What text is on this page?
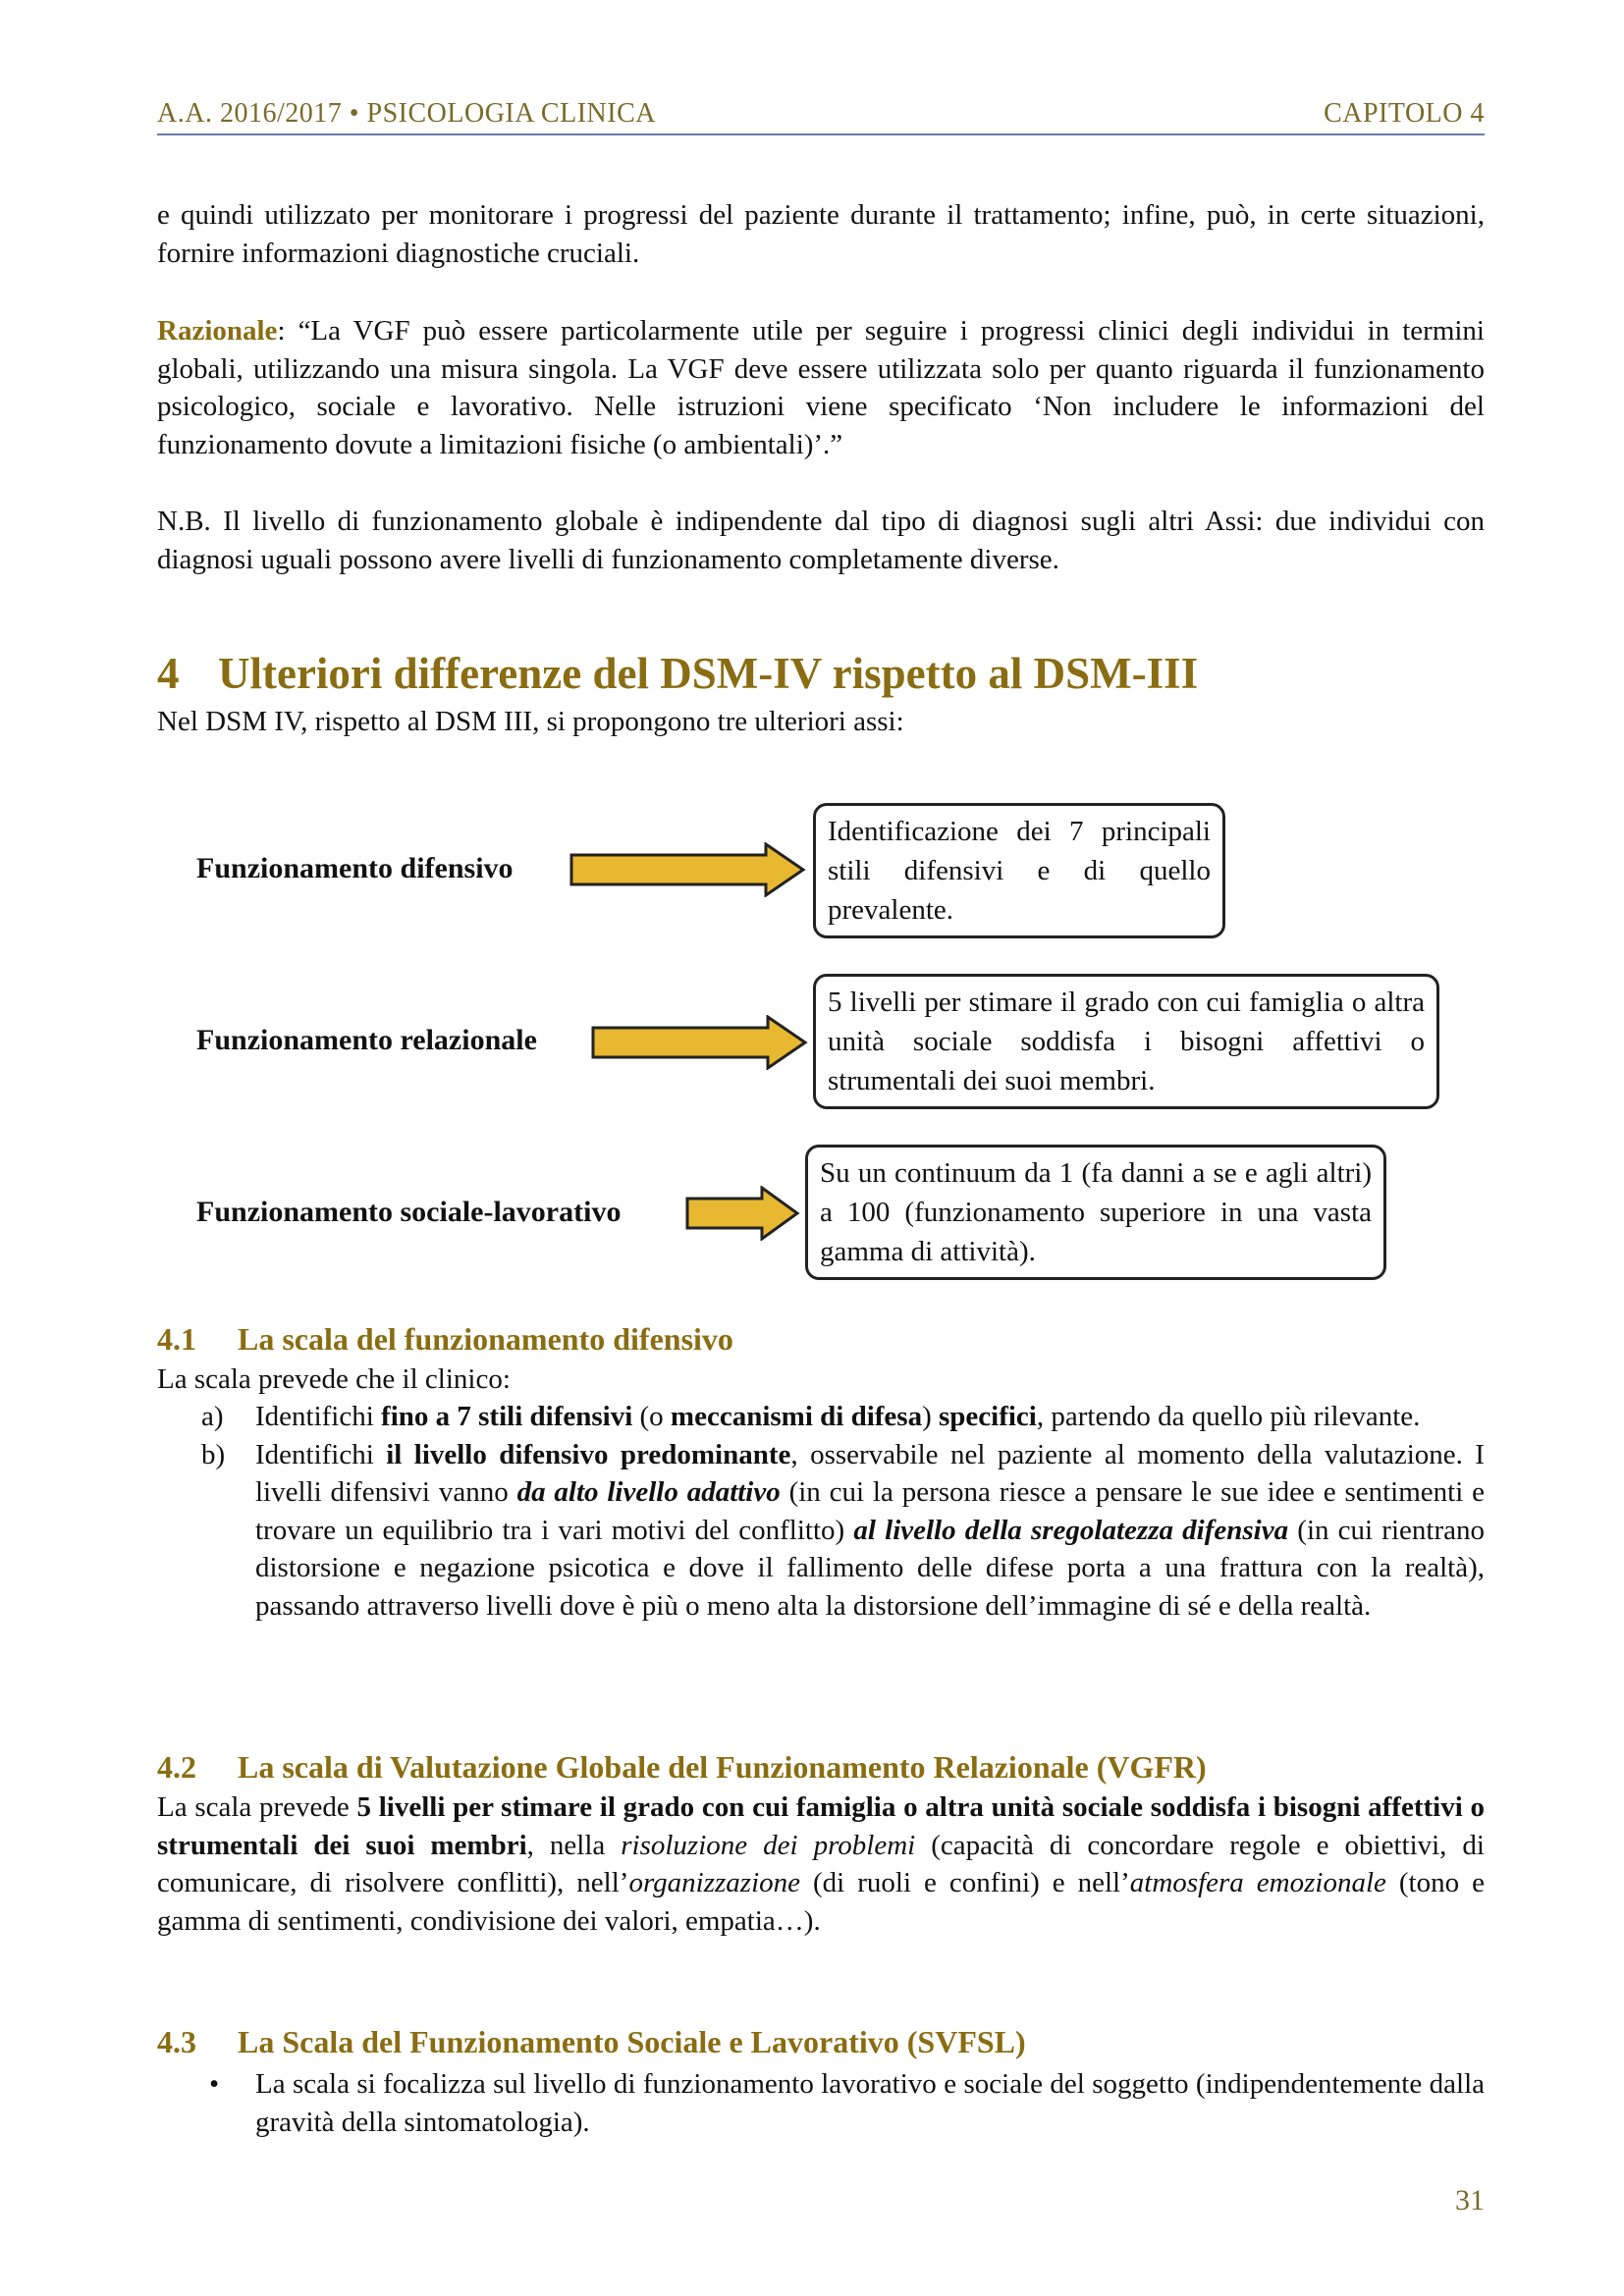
A.A. 2016/2017 • PSICOLOGIA CLINICA	CAPITOLO 4

e quindi utilizzato per monitorare i progressi del paziente durante il trattamento; infine, può, in certe situazioni, fornire informazioni diagnostiche cruciali.

Razionale: “La VGF può essere particolarmente utile per seguire i progressi clinici degli individui in termini globali, utilizzando una misura singola. La VGF deve essere utilizzata solo per quanto riguarda il funzionamento psicologico, sociale e lavorativo. Nelle istruzioni viene specificato ‘Non includere le informazioni del funzionamento dovute a limitazioni fisiche (o ambientali)’.”

N.B. Il livello di funzionamento globale è indipendente dal tipo di diagnosi sugli altri Assi: due individui con diagnosi uguali possono avere livelli di funzionamento completamente diverse.

4 Ulteriori differenze del DSM-IV rispetto al DSM-III

Nel DSM IV, rispetto al DSM III, si propongono tre ulteriori assi:

Funzionamento difensivo
Identificazione dei 7 principali stili difensivi e di quello prevalente.
Funzionamento relazionale
5 livelli per stimare il grado con cui famiglia o altra unità sociale soddisfa i bisogni affettivi o strumentali dei suoi membri.
Funzionamento sociale-lavorativo
Su un continuum da 1 (fa danni a se e agli altri) a 100 (funzionamento superiore in una vasta gamma di attività).
4.1 La scala del funzionamento difensivo

La scala prevede che il clinico:

a) Identifichi fino a 7 stili difensivi (o meccanismi di difesa) specifici, partendo da quello più rilevante.
b) Identifichi il livello difensivo predominante, osservabile nel paziente al momento della valutazione. I livelli difensivi vanno da alto livello adattivo (in cui la persona riesce a pensare le sue idee e sentimenti e trovare un equilibrio tra i vari motivi del conflitto) al livello della sregolatezza difensiva (in cui rientrano distorsione e negazione psicotica e dove il fallimento delle difese porta a una frattura con la realtà), passando attraverso livelli dove è più o meno alta la distorsione dell’immagine di sé e della realtà.
4.2 La scala di Valutazione Globale del Funzionamento Relazionale (VGFR)

La scala prevede 5 livelli per stimare il grado con cui famiglia o altra unità sociale soddisfa i bisogni affettivi o strumentali dei suoi membri, nella risoluzione dei problemi (capacità di concordare regole e obiettivi, di comunicare, di risolvere conflitti), nell’organizzazione (di ruoli e confini) e nell’atmosfera emozionale (tono e gamma di sentimenti, condivisione dei valori, empatia…).

4.3 La Scala del Funzionamento Sociale e Lavorativo (SVFSL)
• La scala si focalizza sul livello di funzionamento lavorativo e sociale del soggetto (indipendentemente dalla gravità della sintomatologia).
31
